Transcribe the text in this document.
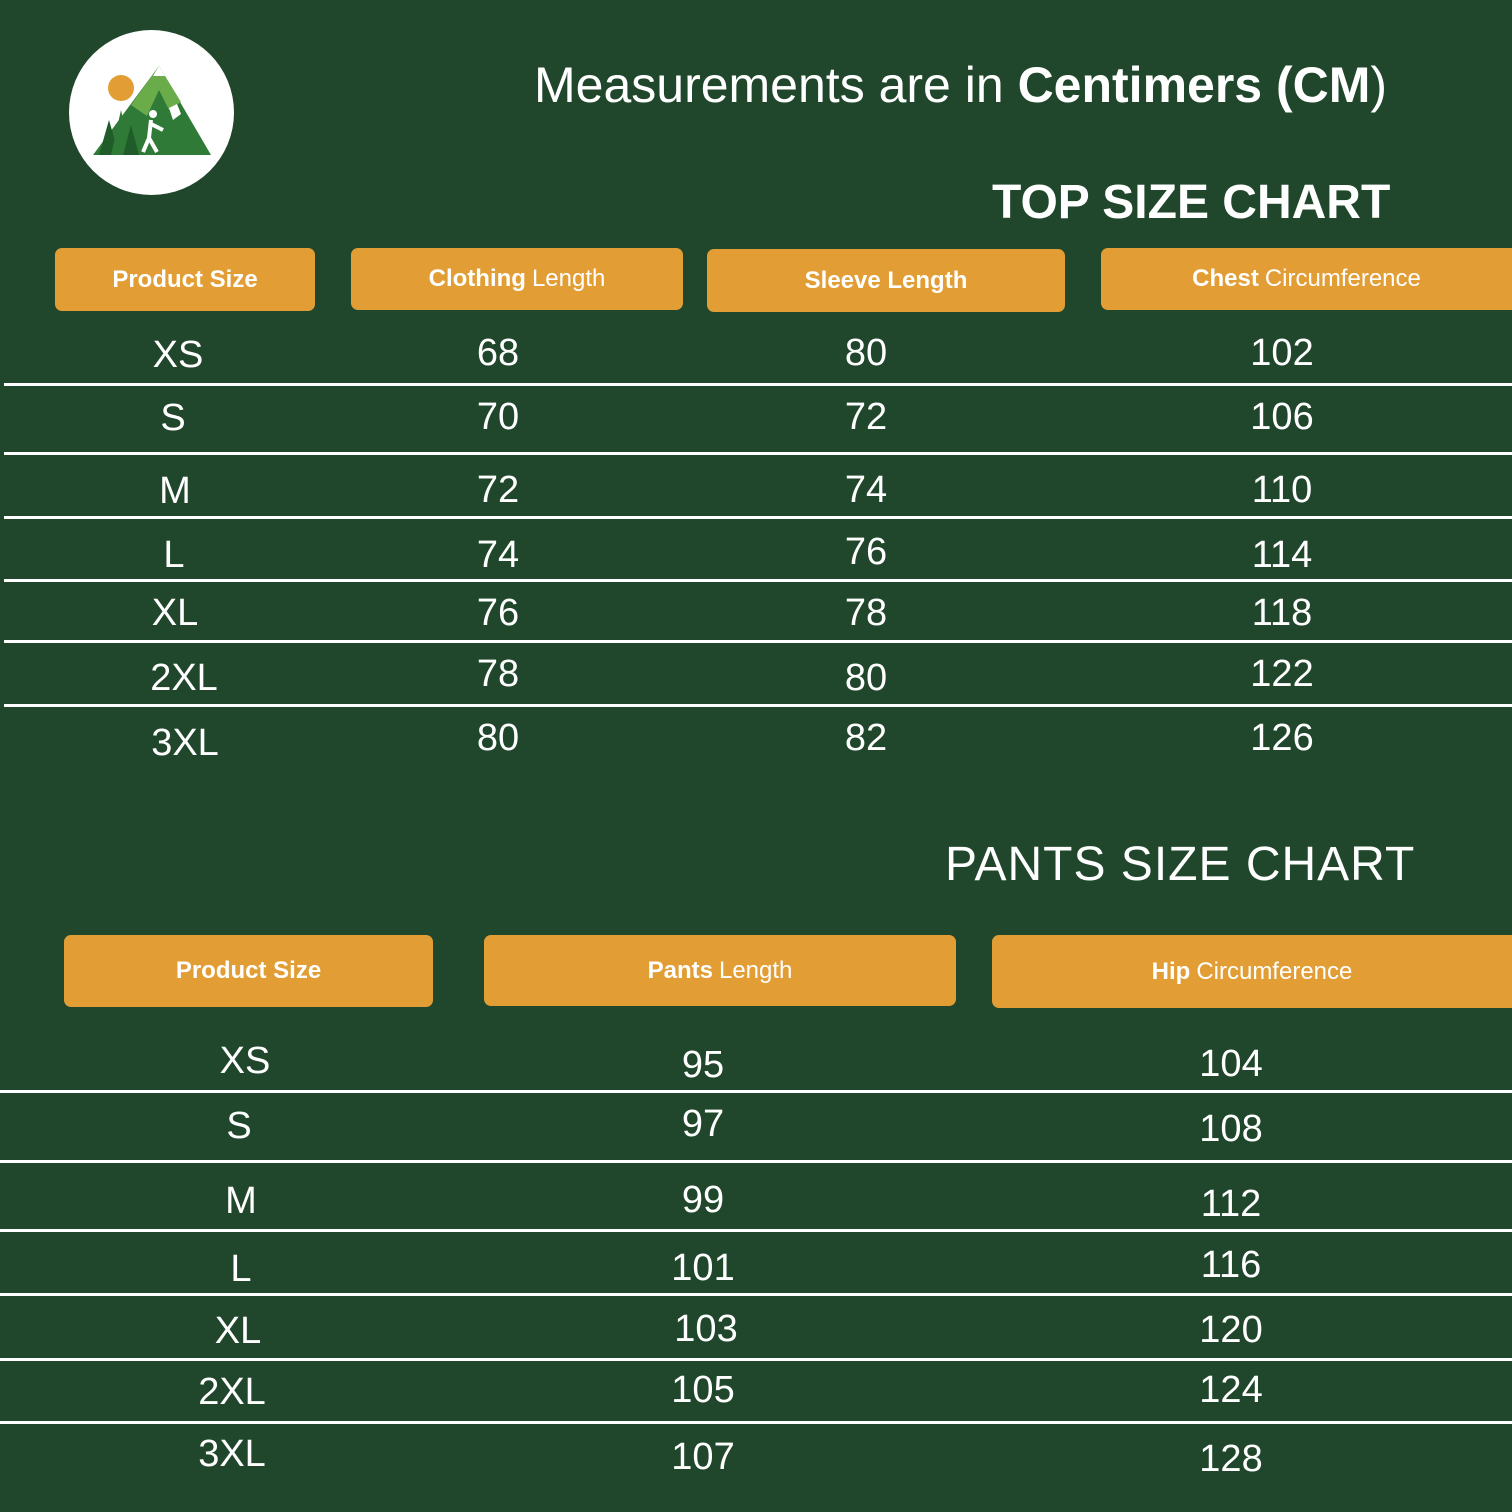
Measurements are in Centimers (CM)
TOP SIZE CHART
Product Size	Clothing Length	Sleeve Length	Chest Circumference
XS	68	80	102
S	70	72	106
M	72	74	110
L	74	76	114
XL	76	78	118
2XL	78	80	122
3XL	80	82	126
PANTS SIZE CHART
Product Size	Pants Length	Hip Circumference
XS	95	104
S	97	108
M	99	112
L	101	116
XL	103	120
2XL	105	124
3XL	107	128
